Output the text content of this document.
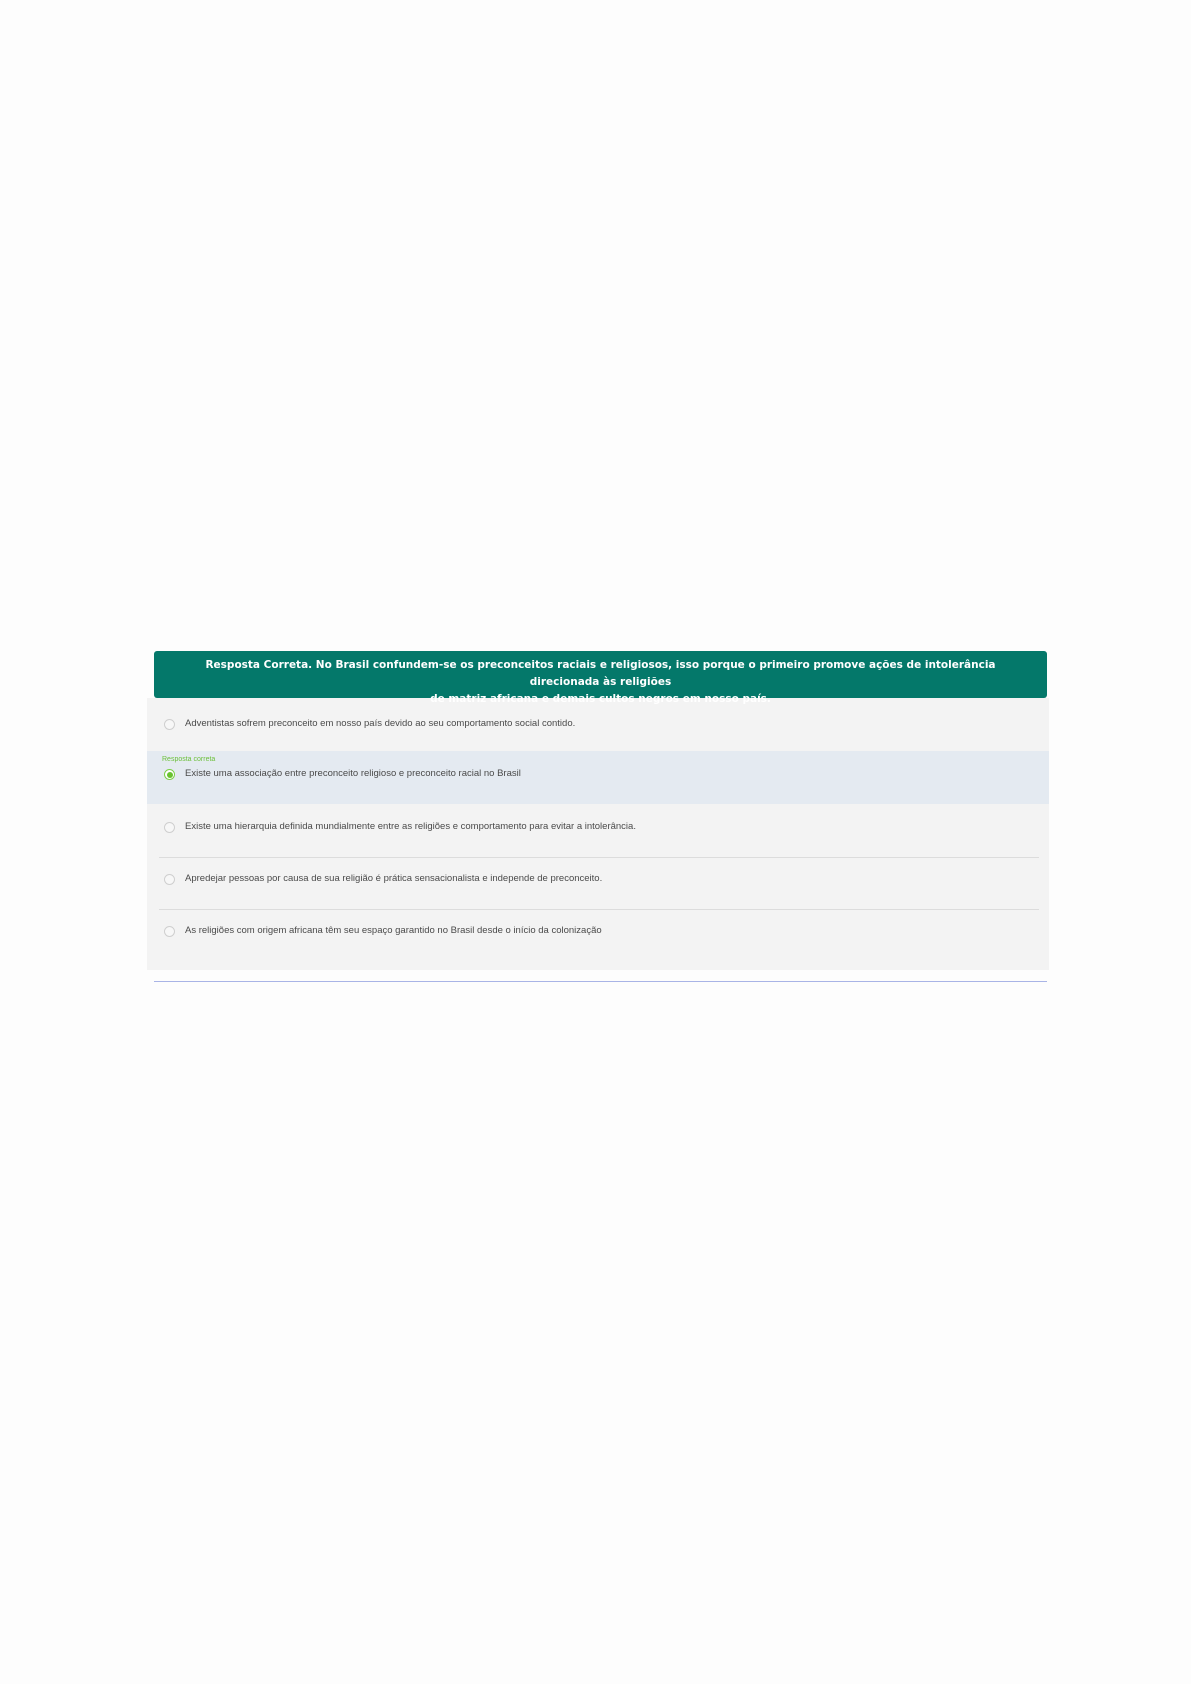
Resposta Correta. No Brasil confundem-se os preconceitos raciais e religiosos, isso porque o primeiro promove ações de intolerância direcionada às religiões
de matriz africana e demais cultos negros em nosso país.
Adventistas sofrem preconceito em nosso país devido ao seu comportamento social contido.
Resposta correta
Existe uma associação entre preconceito religioso e preconceito racial no Brasil
Existe uma hierarquia definida mundialmente entre as religiões e comportamento para evitar a intolerância.
Apredejar pessoas por causa de sua religião é prática sensacionalista e independe de preconceito.
As religiões com origem africana têm seu espaço garantido no Brasil desde o início da colonização
